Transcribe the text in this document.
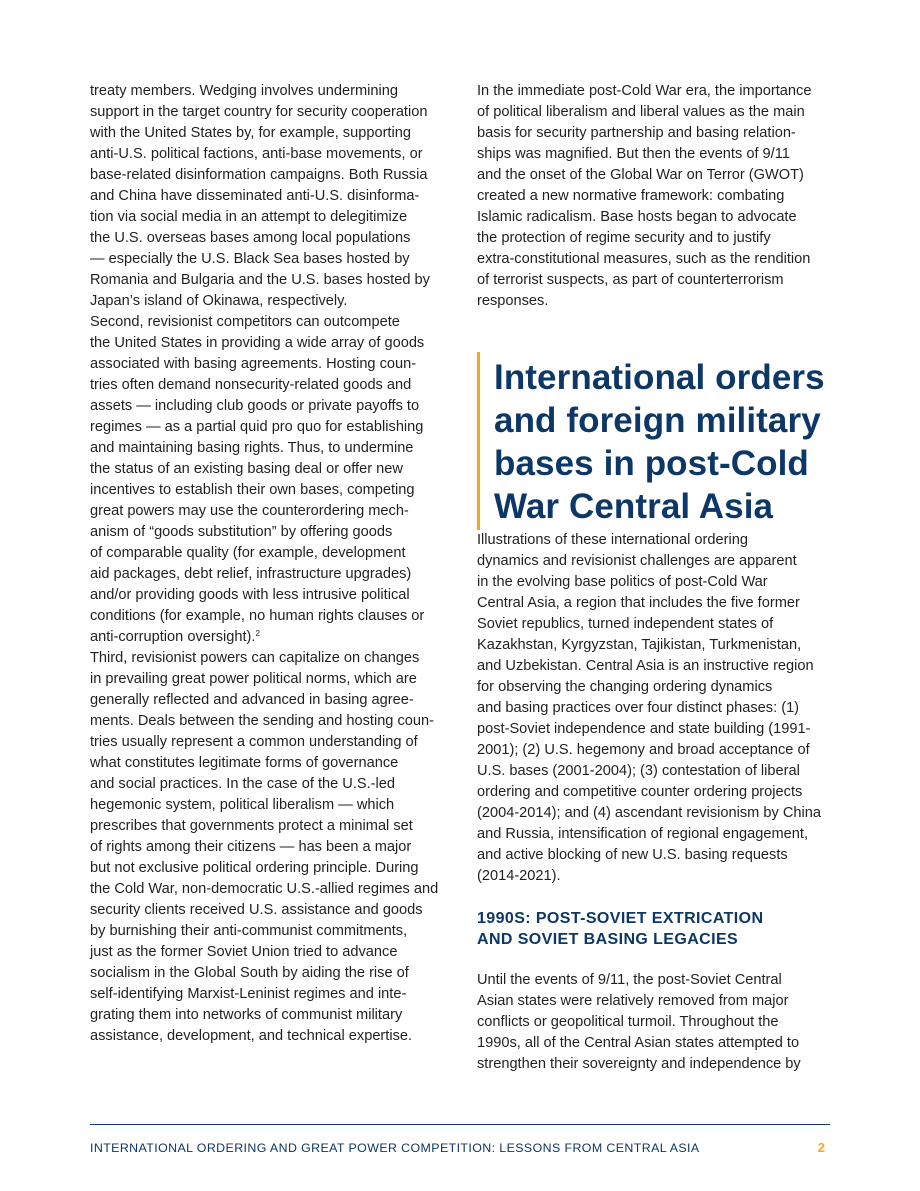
treaty members. Wedging involves undermining
support in the target country for security cooperation
with the United States by, for example, supporting
anti-U.S. political factions, anti-base movements, or
base-related disinformation campaigns. Both Russia
and China have disseminated anti-U.S. disinforma-
tion via social media in an attempt to delegitimize
the U.S. overseas bases among local populations
— especially the U.S. Black Sea bases hosted by
Romania and Bulgaria and the U.S. bases hosted by
Japan’s island of Okinawa, respectively.

Second, revisionist competitors can outcompete
the United States in providing a wide array of goods
associated with basing agreements. Hosting coun-
tries often demand nonsecurity-related goods and
assets — including club goods or private payoffs to
regimes — as a partial quid pro quo for establishing
and maintaining basing rights. Thus, to undermine
the status of an existing basing deal or offer new
incentives to establish their own bases, competing
great powers may use the counterordering mech-
anism of “goods substitution” by offering goods
of comparable quality (for example, development
aid packages, debt relief, infrastructure upgrades)
and/or providing goods with less intrusive political
conditions (for example, no human rights clauses or
anti-corruption oversight).$^2$

Third, revisionist powers can capitalize on changes
in prevailing great power political norms, which are
generally reflected and advanced in basing agree-
ments. Deals between the sending and hosting coun-
tries usually represent a common understanding of
what constitutes legitimate forms of governance
and social practices. In the case of the U.S.-led
hegemonic system, political liberalism — which
prescribes that governments protect a minimal set
of rights among their citizens — has been a major
but not exclusive political ordering principle. During
the Cold War, non-democratic U.S.-allied regimes and
security clients received U.S. assistance and goods
by burnishing their anti-communist commitments,
just as the former Soviet Union tried to advance
socialism in the Global South by aiding the rise of
self-identifying Marxist-Leninist regimes and inte-
grating them into networks of communist military
assistance, development, and technical expertise.

In the immediate post-Cold War era, the importance
of political liberalism and liberal values as the main
basis for security partnership and basing relation-
ships was magnified. But then the events of 9/11
and the onset of the Global War on Terror (GWOT)
created a new normative framework: combating
Islamic radicalism. Base hosts began to advocate
the protection of regime security and to justify
extra-constitutional measures, such as the rendition
of terrorist suspects, as part of counterterrorism
responses.

International orders
and foreign military
bases in post-Cold
War Central Asia

Illustrations of these international ordering
dynamics and revisionist challenges are apparent
in the evolving base politics of post-Cold War
Central Asia, a region that includes the five former
Soviet republics, turned independent states of
Kazakhstan, Kyrgyzstan, Tajikistan, Turkmenistan,
and Uzbekistan. Central Asia is an instructive region
for observing the changing ordering dynamics
and basing practices over four distinct phases: (1)
post-Soviet independence and state building (1991-
2001); (2) U.S. hegemony and broad acceptance of
U.S. bases (2001-2004); (3) contestation of liberal
ordering and competitive counter ordering projects
(2004-2014); and (4) ascendant revisionism by China
and Russia, intensification of regional engagement,
and active blocking of new U.S. basing requests
(2014-2021).

1990S: POST-SOVIET EXTRICATION
AND SOVIET BASING LEGACIES

Until the events of 9/11, the post-Soviet Central
Asian states were relatively removed from major
conflicts or geopolitical turmoil. Throughout the
1990s, all of the Central Asian states attempted to
strengthen their sovereignty and independence by

INTERNATIONAL ORDERING AND GREAT POWER COMPETITION: LESSONS FROM CENTRAL ASIA	2
